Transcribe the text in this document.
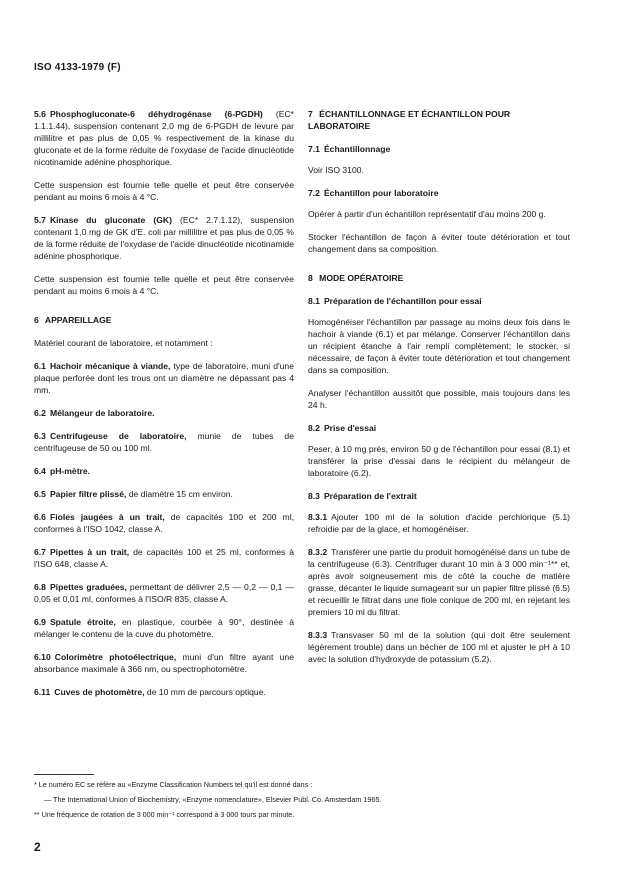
ISO 4133-1979 (F)

5.6 Phosphogluconate-6 déhydrogénase (6-PGDH) (EC* 1.1.1.44), suspension contenant 2,0 mg de 6-PGDH de levure par millilitre et pas plus de 0,05 % respectivement de la kinase du gluconate et de la forme réduite de l'oxydase de l'acide dinucléotide nicotinamide adénine phosphorique.

Cette suspension est fournie telle quelle et peut être conservée pendant au moins 6 mois à 4 °C.

5.7 Kinase du gluconate (GK) (EC* 2.7.1.12), suspension contenant 1,0 mg de GK d'E. coli par millilitre et pas plus de 0,05 % de la forme réduite de l'oxydase de l'acide dinucléotide nicotinamide adénine phosphorique.

Cette suspension est fournie telle quelle et peut être conservée pendant au moins 6 mois à 4 °C.

6 APPAREILLAGE

Matériel courant de laboratoire, et notamment :

6.1 Hachoir mécanique à viande, type de laboratoire, muni d'une plaque perforée dont les trous ont un diamètre ne dépassant pas 4 mm.

6.2 Mélangeur de laboratoire.

6.3 Centrifugeuse de laboratoire, munie de tubes de centrifugeuse de 50 ou 100 ml.

6.4 pH-mètre.

6.5 Papier filtre plissé, de diamètre 15 cm environ.

6.6 Fioles jaugées à un trait, de capacités 100 et 200 ml, conformes à l'ISO 1042, classe A.

6.7 Pipettes à un trait, de capacités 100 et 25 ml, conformes à l'ISO 648, classe A.

6.8 Pipettes graduées, permettant de délivrer 2,5 — 0,2 — 0,1 — 0,05 et 0,01 ml, conformes à l'ISO/R 835, classe A.

6.9 Spatule étroite, en plastique, courbée à 90°, destinée à mélanger le contenu de la cuve du photomètre.

6.10 Colorimètre photoélectrique, muni d'un filtre ayant une absorbance maximale à 366 nm, ou spectrophotomètre.

6.11 Cuves de photomètre, de 10 mm de parcours optique.

7 ÉCHANTILLONNAGE ET ÉCHANTILLON POUR LABORATOIRE

7.1 Échantillonnage

Voir ISO 3100.

7.2 Échantillon pour laboratoire

Opérer à partir d'un échantillon représentatif d'au moins 200 g.

Stocker l'échantillon de façon à éviter toute détérioration et tout changement dans sa composition.

8 MODE OPÉRATOIRE

8.1 Préparation de l'échantillon pour essai

Homogénéiser l'échantillon par passage au moins deux fois dans le hachoir à viande (6.1) et par mélange. Conserver l'échantillon dans un récipient étanche à l'air rempli complètement; le stocker, si nécessaire, de façon à éviter toute détérioration et tout changement dans sa composition.

Analyser l'échantillon aussitôt que possible, mais toujours dans les 24 h.

8.2 Prise d'essai

Peser, à 10 mg près, environ 50 g de l'échantillon pour essai (8.1) et transférer la prise d'essai dans le récipient du mélangeur de laboratoire (6.2).

8.3 Préparation de l'extrait

8.3.1 Ajouter 100 ml de la solution d'acide perchlorique (5.1) refroidie par de la glace, et homogénéiser.

8.3.2 Transférer une partie du produit homogénéisé dans un tube de la centrifugeuse (6.3). Centrifuger durant 10 min à 3 000 min⁻¹** et, après avoir soigneusement mis de côté la couche de matière grasse, décanter le liquide surnageant sur un papier filtre plissé (6.5) et recueillir le filtrat dans une fiole conique de 200 ml, en rejetant les premiers 10 ml du filtrat.

8.3.3 Transvaser 50 ml de la solution (qui doit être seulement légèrement trouble) dans un bécher de 100 ml et ajuster le pH à 10 avec la solution d'hydroxyde de potassium (5.2).

* Le numéro EC se réfère au «Enzyme Classification Numbers tel qu'il est donné dans :
— The International Union of Biochemistry, «Enzyme nomenclature», Elsevier Publ. Co. Amsterdam 1965.
** Une fréquence de rotation de 3 000 min⁻¹ correspond à 3 000 tours par minute.
2
